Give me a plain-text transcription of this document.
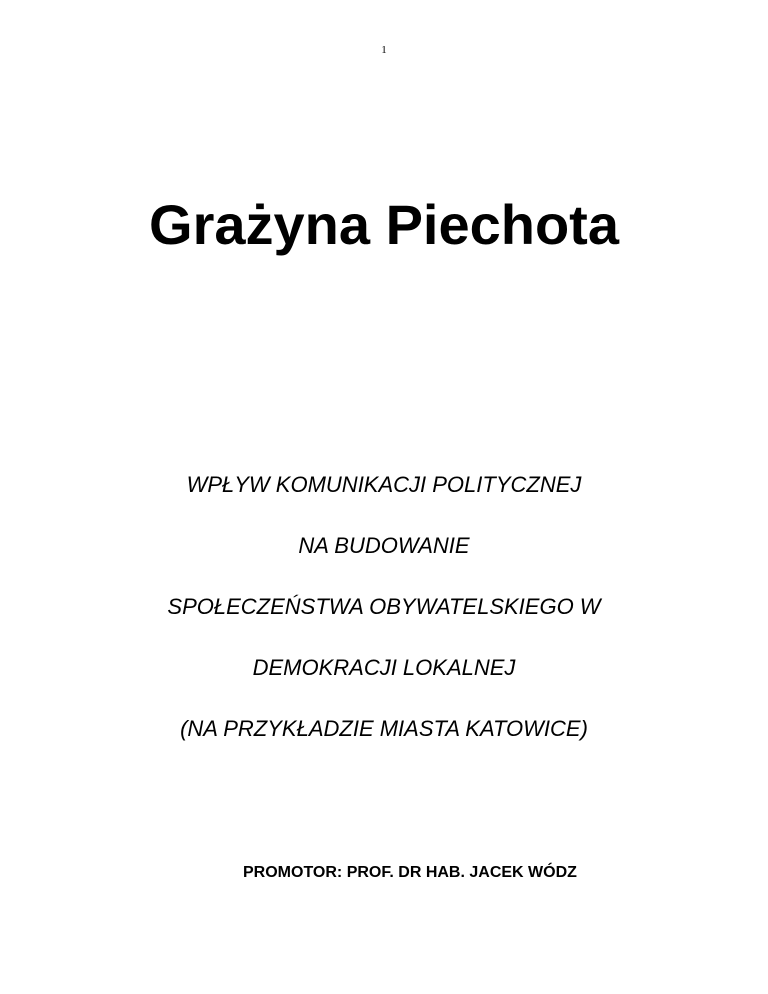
1
Grażyna Piechota
WPŁYW KOMUNIKACJI POLITYCZNEJ
NA BUDOWANIE
SPOŁECZEŃSTWA OBYWATELSKIEGO W
DEMOKRACJI LOKALNEJ
(NA PRZYKŁADZIE MIASTA KATOWICE)
PROMOTOR: PROF. DR HAB. JACEK WÓDZ
